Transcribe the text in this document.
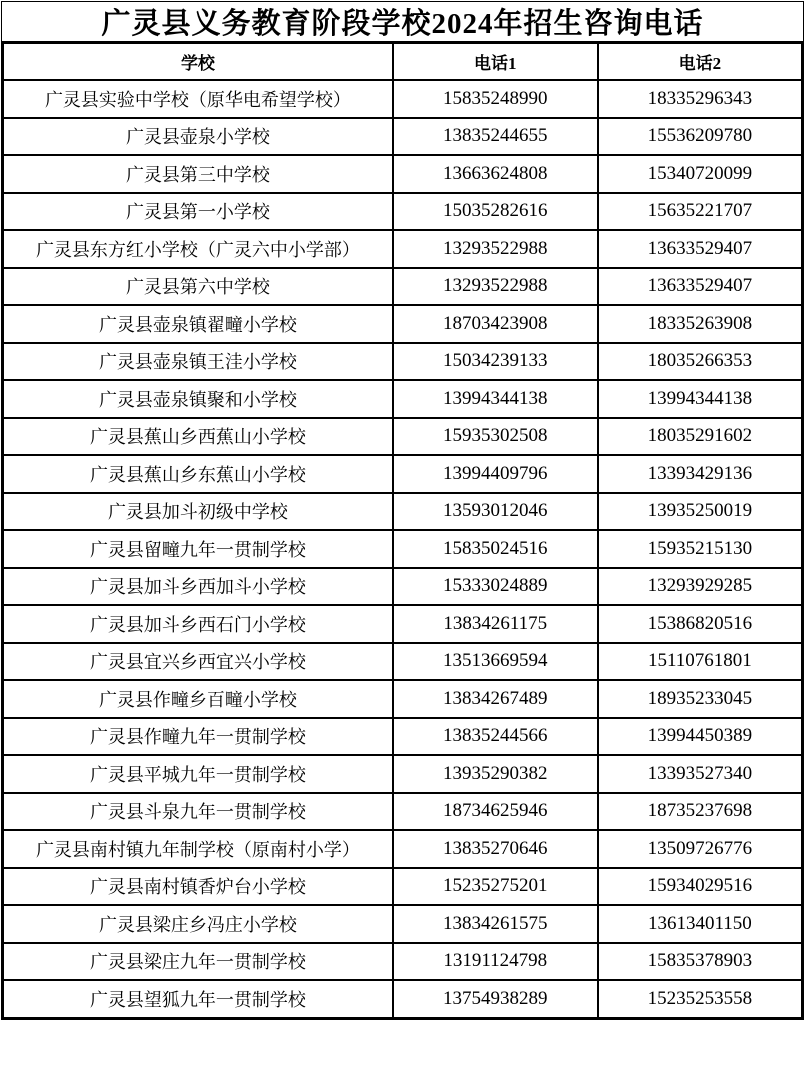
广灵县义务教育阶段学校2024年招生咨询电话
学校	电话1	电话2
广灵县实验中学校（原华电希望学校）	15835248990	18335296343
广灵县壶泉小学校	13835244655	15536209780
广灵县第三中学校	13663624808	15340720099
广灵县第一小学校	15035282616	15635221707
广灵县东方红小学校（广灵六中小学部）	13293522988	13633529407
广灵县第六中学校	13293522988	13633529407
广灵县壶泉镇翟疃小学校	18703423908	18335263908
广灵县壶泉镇王洼小学校	15034239133	18035266353
广灵县壶泉镇聚和小学校	13994344138	13994344138
广灵县蕉山乡西蕉山小学校	15935302508	18035291602
广灵县蕉山乡东蕉山小学校	13994409796	13393429136
广灵县加斗初级中学校	13593012046	13935250019
广灵县留疃九年一贯制学校	15835024516	15935215130
广灵县加斗乡西加斗小学校	15333024889	13293929285
广灵县加斗乡西石门小学校	13834261175	15386820516
广灵县宜兴乡西宜兴小学校	13513669594	15110761801
广灵县作疃乡百疃小学校	13834267489	18935233045
广灵县作疃九年一贯制学校	13835244566	13994450389
广灵县平城九年一贯制学校	13935290382	13393527340
广灵县斗泉九年一贯制学校	18734625946	18735237698
广灵县南村镇九年制学校（原南村小学）	13835270646	13509726776
广灵县南村镇香炉台小学校	15235275201	15934029516
广灵县梁庄乡冯庄小学校	13834261575	13613401150
广灵县梁庄九年一贯制学校	13191124798	15835378903
广灵县望狐九年一贯制学校	13754938289	15235253558
